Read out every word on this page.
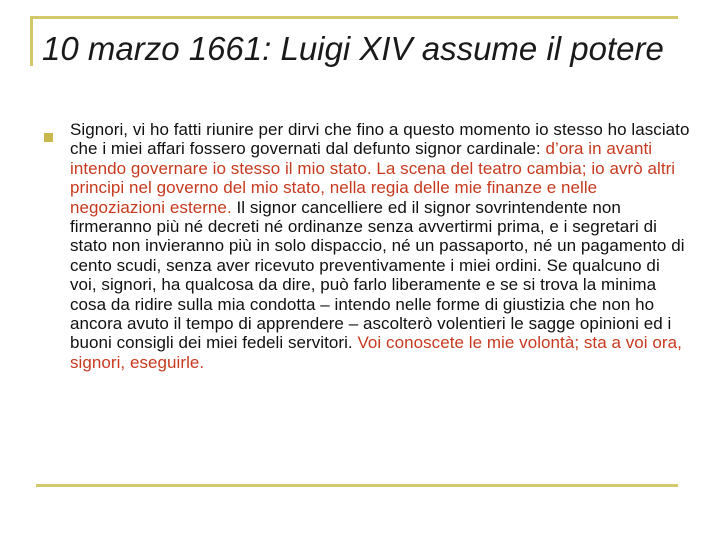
10 marzo 1661: Luigi XIV assume il potere
Signori, vi ho fatti riunire per dirvi che fino a questo momento io stesso ho lasciato che i miei affari fossero governati dal defunto signor cardinale: d’ora in avanti intendo governare io stesso il mio stato. La scena del teatro cambia; io avrò altri principi nel governo del mio stato, nella regia delle mie finanze e nelle negoziazioni esterne. Il signor cancelliere ed il signor sovrintendente non firmeranno più né decreti né ordinanze senza avvertirmi prima, e i segretari di stato non invieranno più in solo dispaccio, né un passaporto, né un pagamento di cento scudi, senza aver ricevuto preventivamente i miei ordini. Se qualcuno di voi, signori, ha qualcosa da dire, può farlo liberamente e se si trova la minima cosa da ridire sulla mia condotta – intendo nelle forme di giustizia che non ho ancora avuto il tempo di apprendere – ascolterò volentieri le sagge opinioni ed i buoni consigli dei miei fedeli servitori. Voi conoscete le mie volontà; sta a voi ora, signori, eseguirle.
